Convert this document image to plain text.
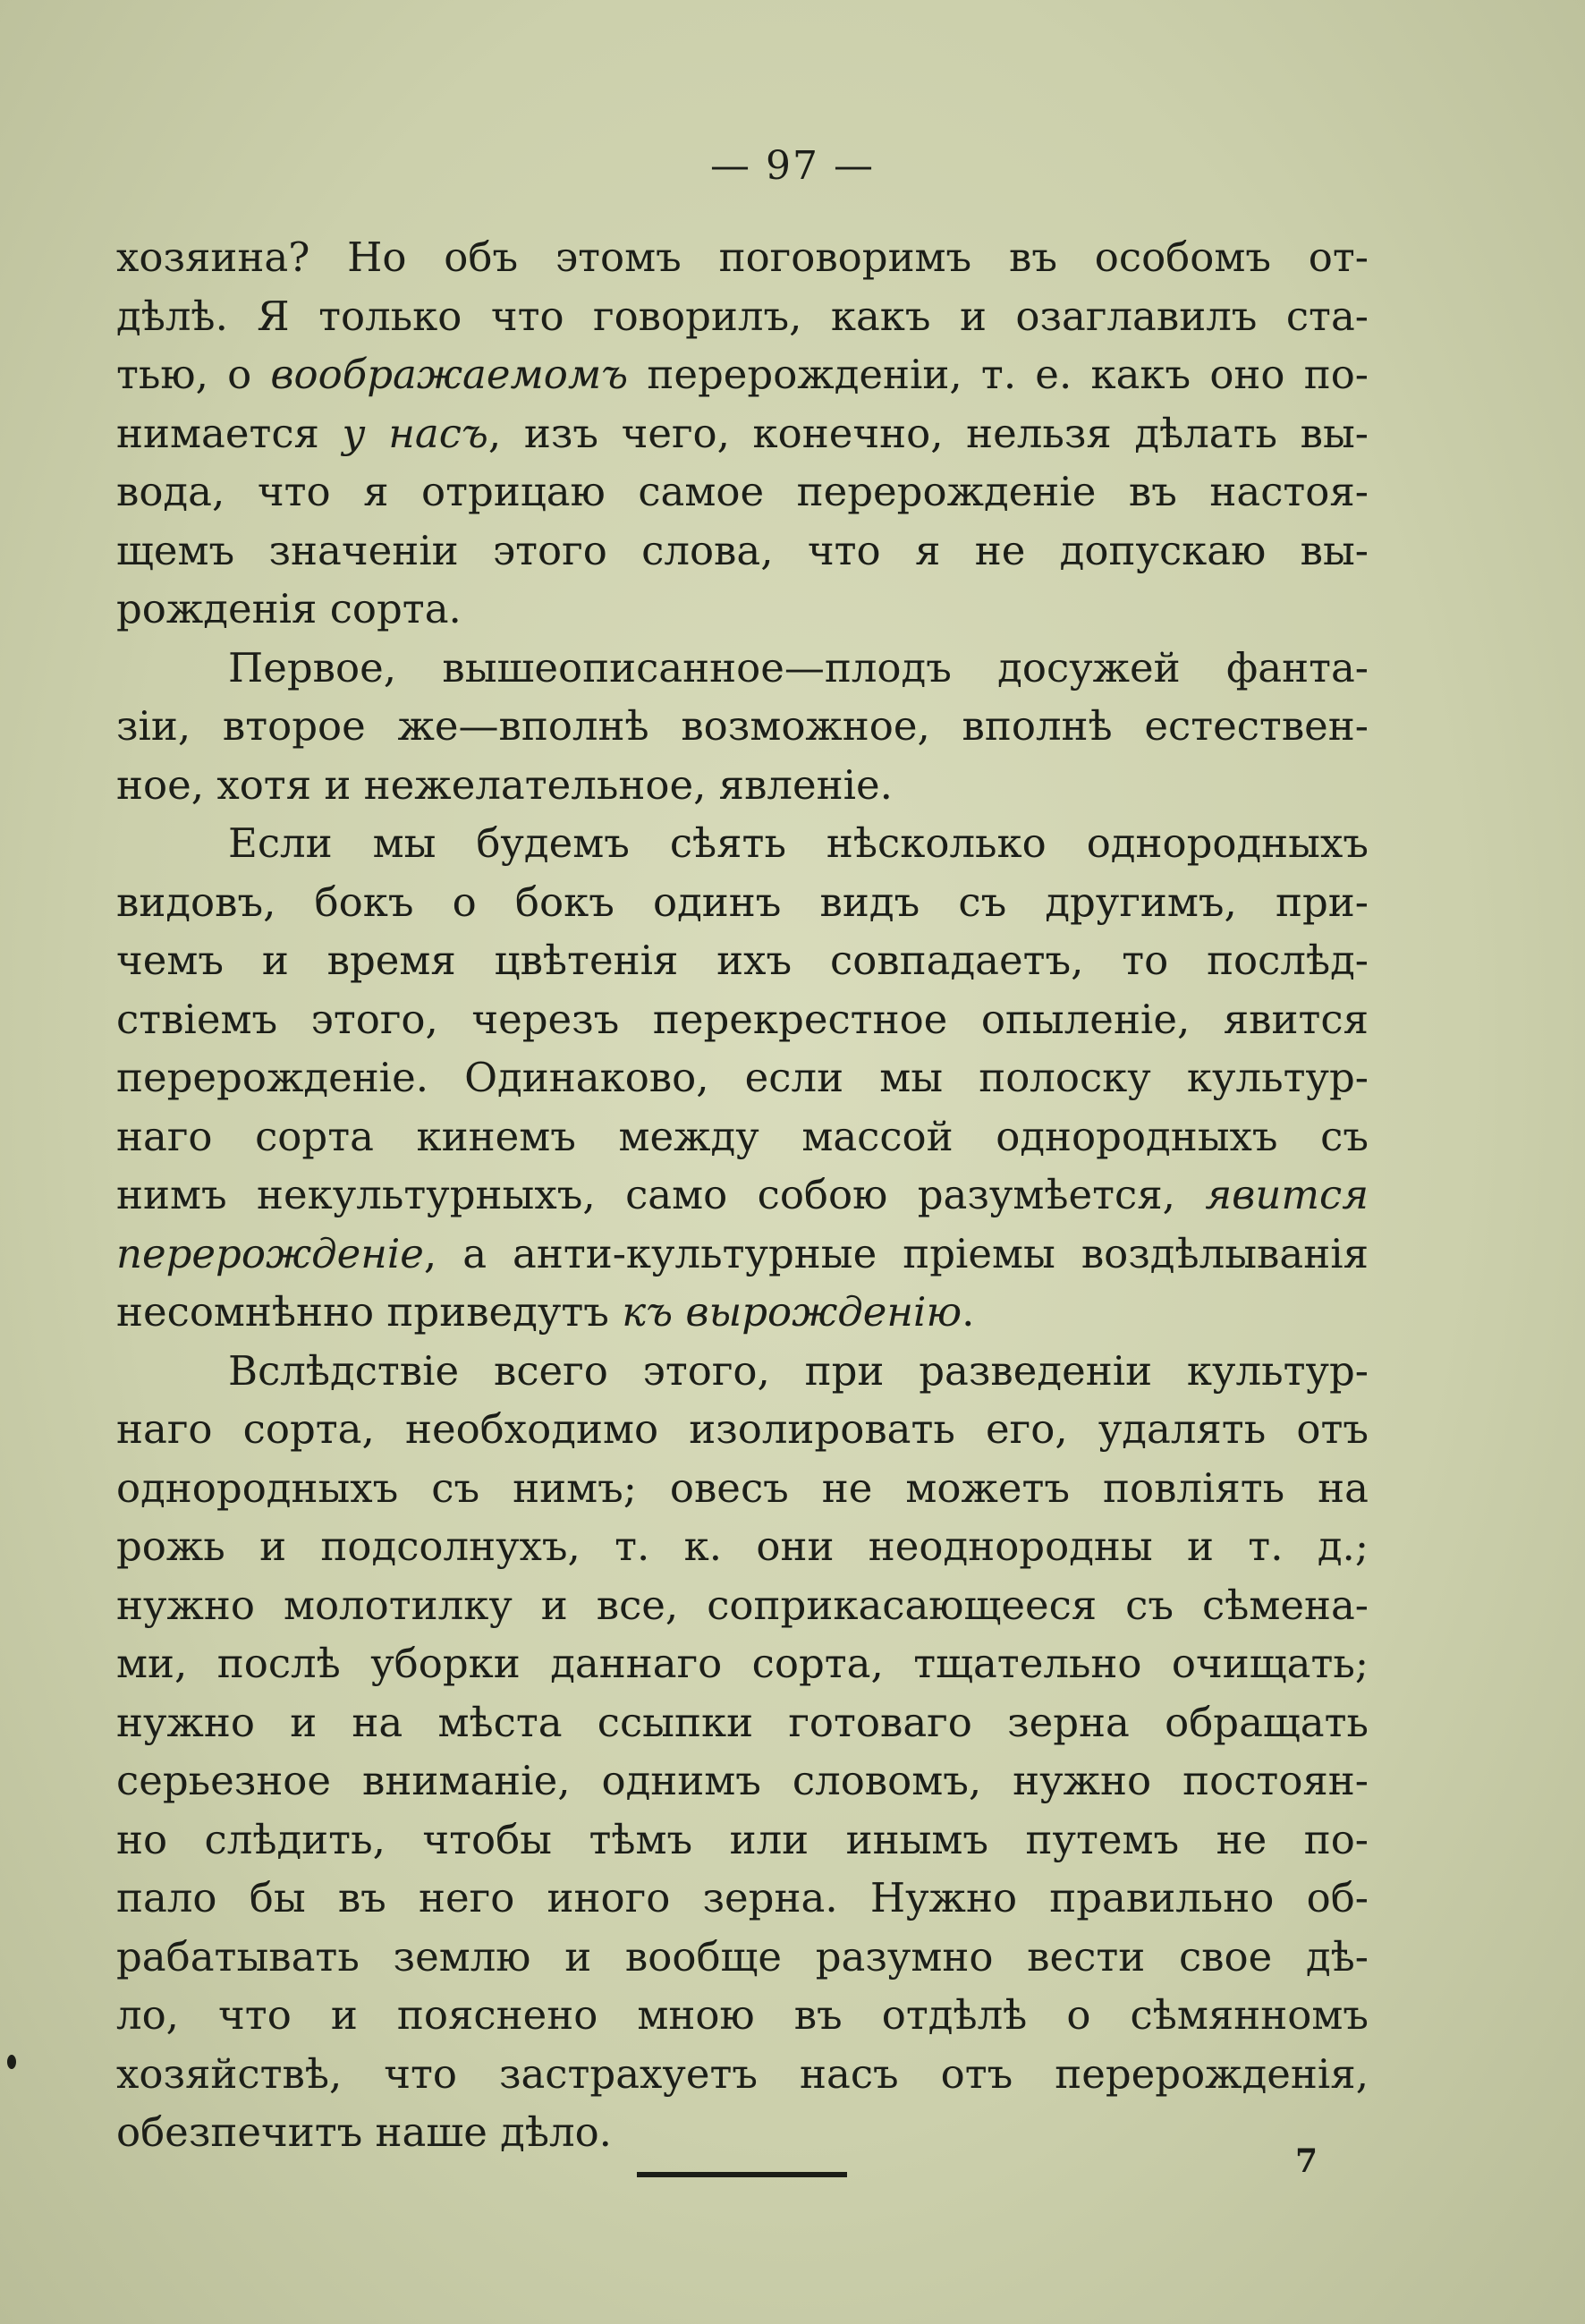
— 97 —
хозяина? Но объ этомъ поговоримъ въ особомъ от-
дѣлѣ. Я только что говорилъ, какъ и озаглавилъ ста-
тью, о воображаемомъ перерожденіи, т. е. какъ оно по-
нимается у насъ, изъ чего, конечно, нельзя дѣлать вы-
вода, что я отрицаю самое перерожденіе въ настоя-
щемъ значеніи этого слова, что я не допускаю вы-
рожденія сорта.
Первое, вышеописанное—плодъ досужей фанта-
зіи, второе же—вполнѣ возможное, вполнѣ естествен-
ное, хотя и нежелательное, явленіе.
Если мы будемъ сѣять нѣсколько однородныхъ
видовъ, бокъ о бокъ одинъ видъ съ другимъ, при-
чемъ и время цвѣтенія ихъ совпадаетъ, то послѣд-
ствіемъ этого, черезъ перекрестное опыленіе, явится
перерожденіе. Одинаково, если мы полоску культур-
наго сорта кинемъ между массой однородныхъ съ
нимъ некультурныхъ, само собою разумѣется, явится
перерожденіе, а анти-культурные пріемы воздѣлыванія
несомнѣнно приведутъ къ вырожденію.
Вслѣдствіе всего этого, при разведеніи культур-
наго сорта, необходимо изолировать его, удалять отъ
однородныхъ съ нимъ; овесъ не можетъ повліять на
рожь и подсолнухъ, т. к. они неоднородны и т. д.;
нужно молотилку и все, соприкасающееся съ сѣмена-
ми, послѣ уборки даннаго сорта, тщательно очищать;
нужно и на мѣста ссыпки готоваго зерна обращать
серьезное вниманіе, однимъ словомъ, нужно постоян-
но слѣдить, чтобы тѣмъ или инымъ путемъ не по-
пало бы въ него иного зерна. Нужно правильно об-
рабатывать землю и вообще разумно вести свое дѣ-
ло, что и пояснено мною въ отдѣлѣ о сѣмянномъ
хозяйствѣ, что застрахуетъ насъ отъ перерожденія,
обезпечитъ наше дѣло.
7
